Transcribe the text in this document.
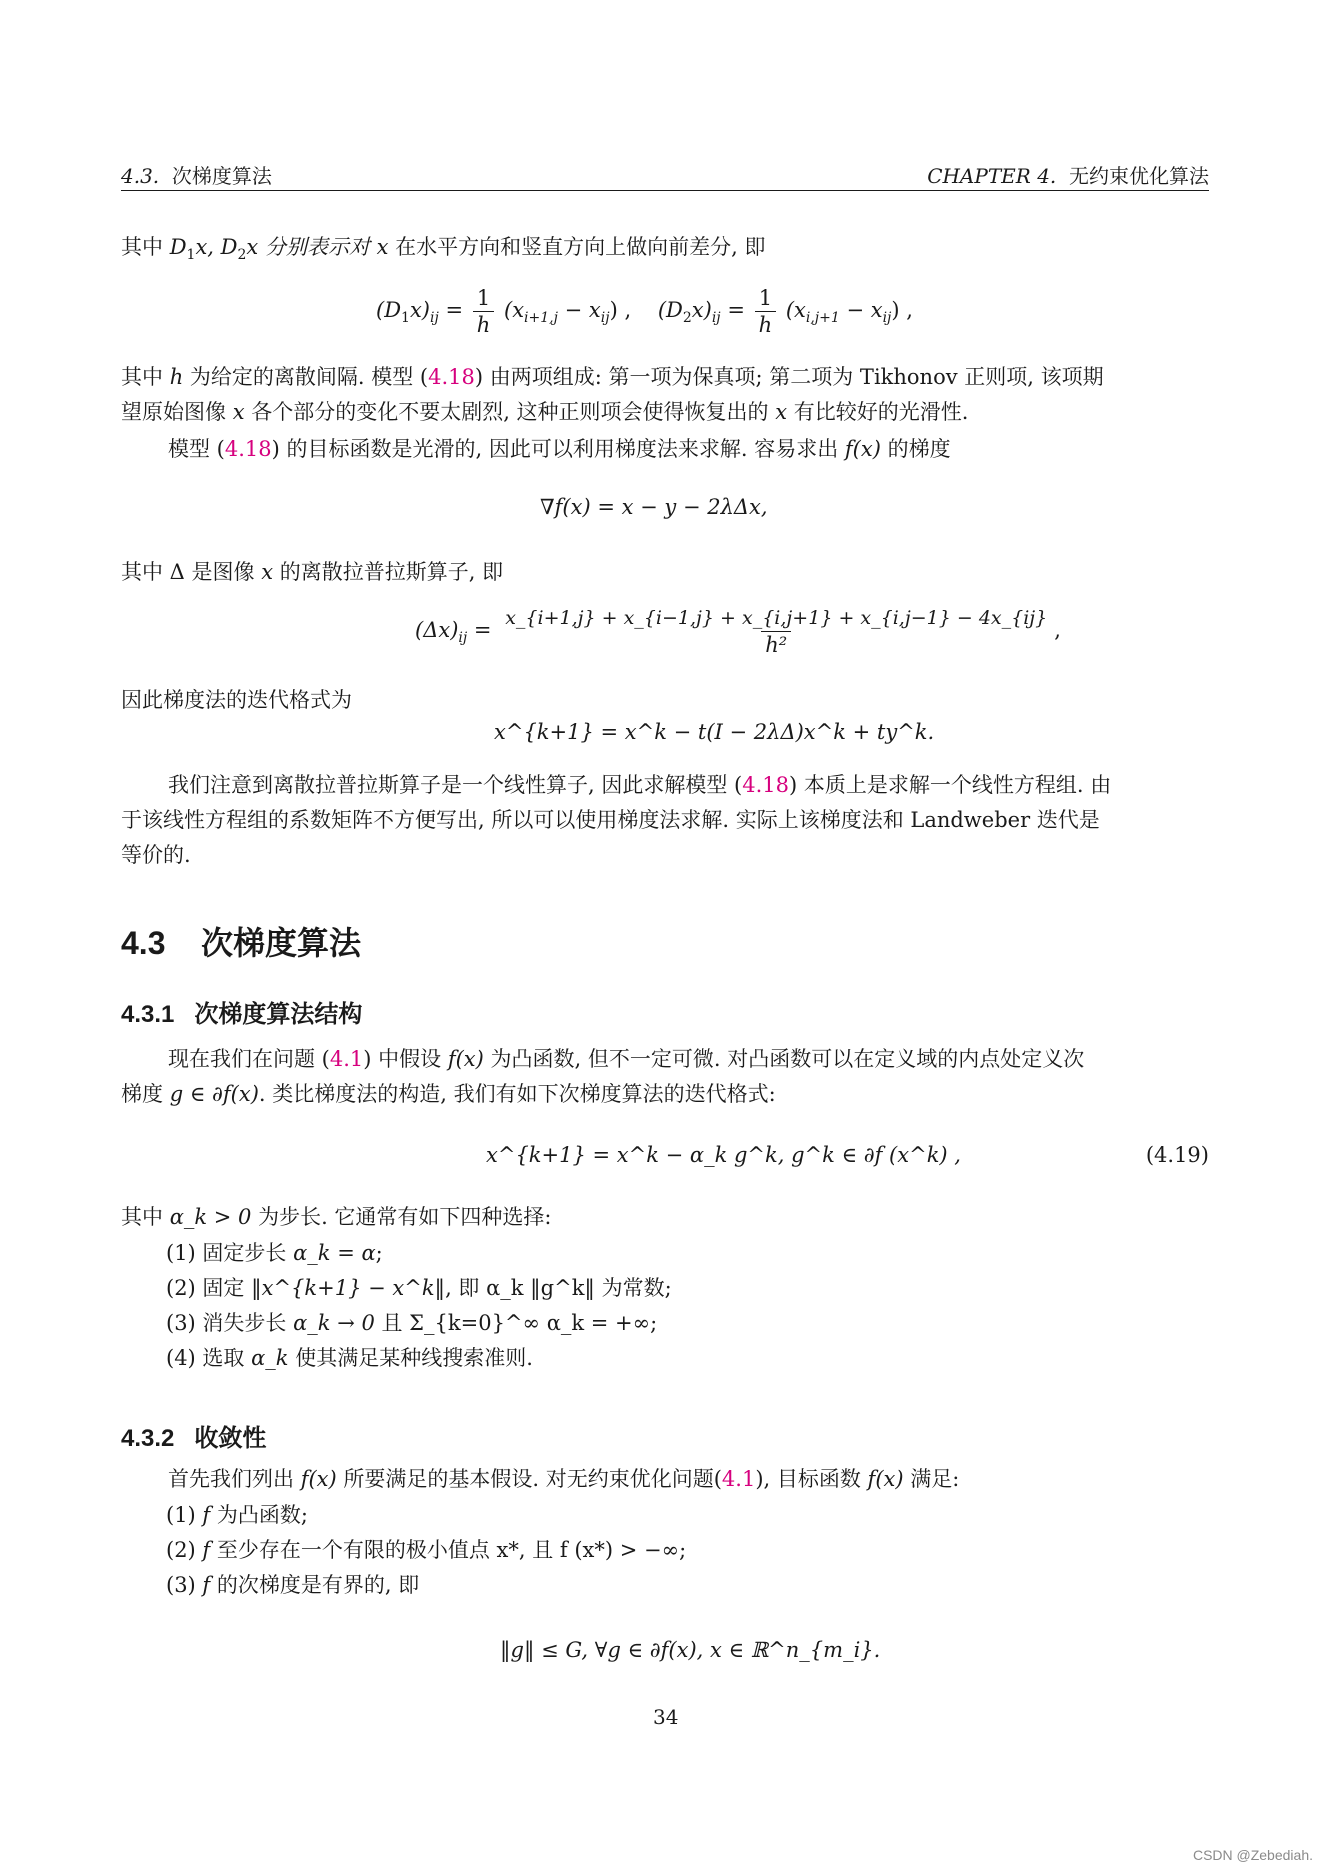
4.3. 次梯度算法	CHAPTER 4. 无约束优化算法
其中 $D_1x$, $D_2x$ 分别表示对 x 在水平方向和竖直方向上做向前差分, 即
$(D_1x)_{ij} = \frac{1}{h} (x_{i+1,j} - x_{ij})$ , $(D_2x)_{ij} = \frac{1}{h} (x_{i,j+1} - x_{ij})$ ,
其中 h 为给定的离散间隔. 模型 (4.18) 由两项组成: 第一项为保真项; 第二项为 Tikhonov 正则项, 该项期
望原始图像 x 各个部分的变化不要太剧烈, 这种正则项会使得恢复出的 x 有比较好的光滑性.
模型 (4.18) 的目标函数是光滑的, 因此可以利用梯度法来求解. 容易求出 f(x) 的梯度
∇f(x) = x − y − 2λΔx,
其中 Δ 是图像 x 的离散拉普拉斯算子, 即
$(\Delta x)_{ij} = \frac{x\_\{i+1,j\} + x\_\{i-1,j\} + x\_\{i,j+1\} + x\_\{i,j-1\} - 4x\_\{ij\}}{\text{h²}}$ ,
因此梯度法的迭代格式为
x^{k+1} = x^k − t(I − 2λΔ)x^k + ty^k.
我们注意到离散拉普拉斯算子是一个线性算子, 因此求解模型 (4.18) 本质上是求解一个线性方程组. 由
于该线性方程组的系数矩阵不方便写出, 所以可以使用梯度法求解. 实际上该梯度法和 Landweber 迭代是
等价的.
4.3 次梯度算法
4.3.1 次梯度算法结构
现在我们在问题 (4.1) 中假设 f(x) 为凸函数, 但不一定可微. 对凸函数可以在定义域的内点处定义次
梯度 g ∈ ∂f(x). 类比梯度法的构造, 我们有如下次梯度算法的迭代格式:
x^{k+1} = x^k − α_k g^k, g^k ∈ ∂f (x^k) ,	(4.19)
其中 α_k > 0 为步长. 它通常有如下四种选择:
(1) 固定步长 α_k = α;
(2) 固定 ‖x^{k+1} − x^k‖, 即 α_k ‖g^k‖ 为常数;
(3) 消失步长 α_k → 0 且 Σ_{k=0}^∞ α_k = +∞;
(4) 选取 α_k 使其满足某种线搜索准则.
4.3.2 收敛性
首先我们列出 f(x) 所要满足的基本假设. 对无约束优化问题(4.1), 目标函数 f(x) 满足:
(1) f 为凸函数;
(2) f 至少存在一个有限的极小值点 x*, 且 f (x*) > −∞;
(3) f 的次梯度是有界的, 即
‖g‖ ≤ G, ∀g ∈ ∂f(x), x ∈ ℝ^n_{m_i}.
34
CSDN @Zebediah.
